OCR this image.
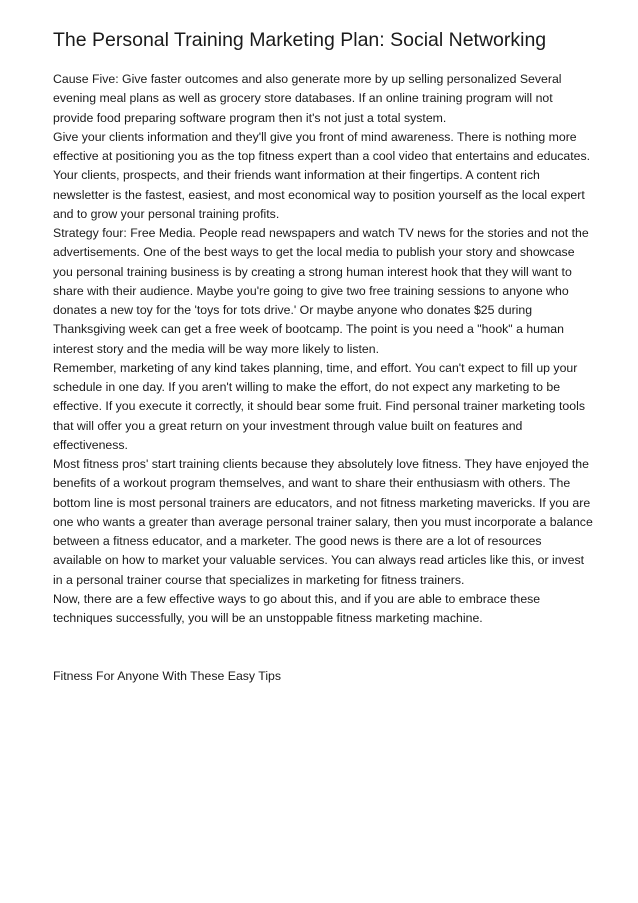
The Personal Training Marketing Plan: Social Networking

Cause Five: Give faster outcomes and also generate more by up selling personalized Several evening meal plans as well as grocery store databases. If an online training program will not provide food preparing software program then it's not just a total system.

Give your clients information and they'll give you front of mind awareness. There is nothing more effective at positioning you as the top fitness expert than a cool video that entertains and educates. Your clients, prospects, and their friends want information at their fingertips. A content rich newsletter is the fastest, easiest, and most economical way to position yourself as the local expert and to grow your personal training profits.

Strategy four: Free Media. People read newspapers and watch TV news for the stories and not the advertisements. One of the best ways to get the local media to publish your story and showcase you personal training business is by creating a strong human interest hook that they will want to share with their audience. Maybe you're going to give two free training sessions to anyone who donates a new toy for the 'toys for tots drive.' Or maybe anyone who donates $25 during Thanksgiving week can get a free week of bootcamp. The point is you need a "hook" a human interest story and the media will be way more likely to listen.

Remember, marketing of any kind takes planning, time, and effort. You can't expect to fill up your schedule in one day. If you aren't willing to make the effort, do not expect any marketing to be effective. If you execute it correctly, it should bear some fruit. Find personal trainer marketing tools that will offer you a great return on your investment through value built on features and effectiveness.

Most fitness pros' start training clients because they absolutely love fitness. They have enjoyed the benefits of a workout program themselves, and want to share their enthusiasm with others. The bottom line is most personal trainers are educators, and not fitness marketing mavericks. If you are one who wants a greater than average personal trainer salary, then you must incorporate a balance between a fitness educator, and a marketer. The good news is there are a lot of resources available on how to market your valuable services. You can always read articles like this, or invest in a personal trainer course that specializes in marketing for fitness trainers.

Now, there are a few effective ways to go about this, and if you are able to embrace these techniques successfully, you will be an unstoppable fitness marketing machine.

Fitness For Anyone With These Easy Tips
